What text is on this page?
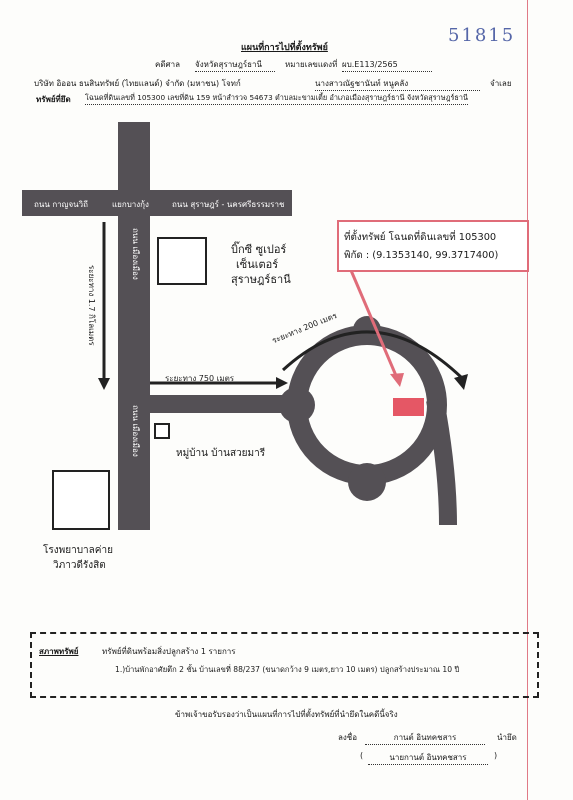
51815
แผนที่การไปที่ตั้งทรัพย์
คดีศาล จังหวัดสุราษฎร์ธานี	หมายเลขแดงที่ ผบ.E113/2565
บริษัท อิออน ธนสินทรัพย์ (ไทยแลนด์) จำกัด (มหาชน) โจทก์	นางสาวณัฐชานันท์ หนูคลัง	จำเลย
ทรัพย์ที่ยึด โฉนดที่ดินเลขที่ 105300 เลขที่ดิน 159 หน้าสำรวจ 54673 ตำบลมะขามเตี้ย อำเภอเมืองสุราษฎร์ธานี จังหวัดสุราษฎร์ธานี
ถนน กาญจนวิถี	แยกบางกุ้ง	ถนน สุราษฎร์ - นครศรีธรรมราช
ถนน เมืองเมือง
ถนน เมืองเมือง
บิ๊กซี ซูเปอร์
เซ็นเตอร์
สุราษฎร์ธานี
หมู่บ้าน บ้านสวยมารี
โรงพยาบาลค่าย
วิภาวดีรังสิต
ระยะทาง 1.7 กิโลเมตร
ระยะทาง 750 เมตร
ระยะทาง 200 เมตร
ที่ตั้งทรัพย์ โฉนดที่ดินเลขที่ 105300
พิกัด : (9.1353140, 99.3717400)
สภาพทรัพย์	ทรัพย์ที่ดินพร้อมสิ่งปลูกสร้าง 1 รายการ
1.)บ้านพักอาศัยตึก 2 ชั้น บ้านเลขที่ 88/237 (ขนาดกว้าง 9 เมตร,ยาว 10 เมตร) ปลูกสร้างประมาณ 10 ปี
ข้าพเจ้าขอรับรองว่าเป็นแผนที่การไปที่ตั้งทรัพย์ที่นำยึดในคดีนี้จริง
ลงชื่อ	กานต์ อินทคชสาร	นำยึด
(	นายกานต์ อินทคชสาร	)
